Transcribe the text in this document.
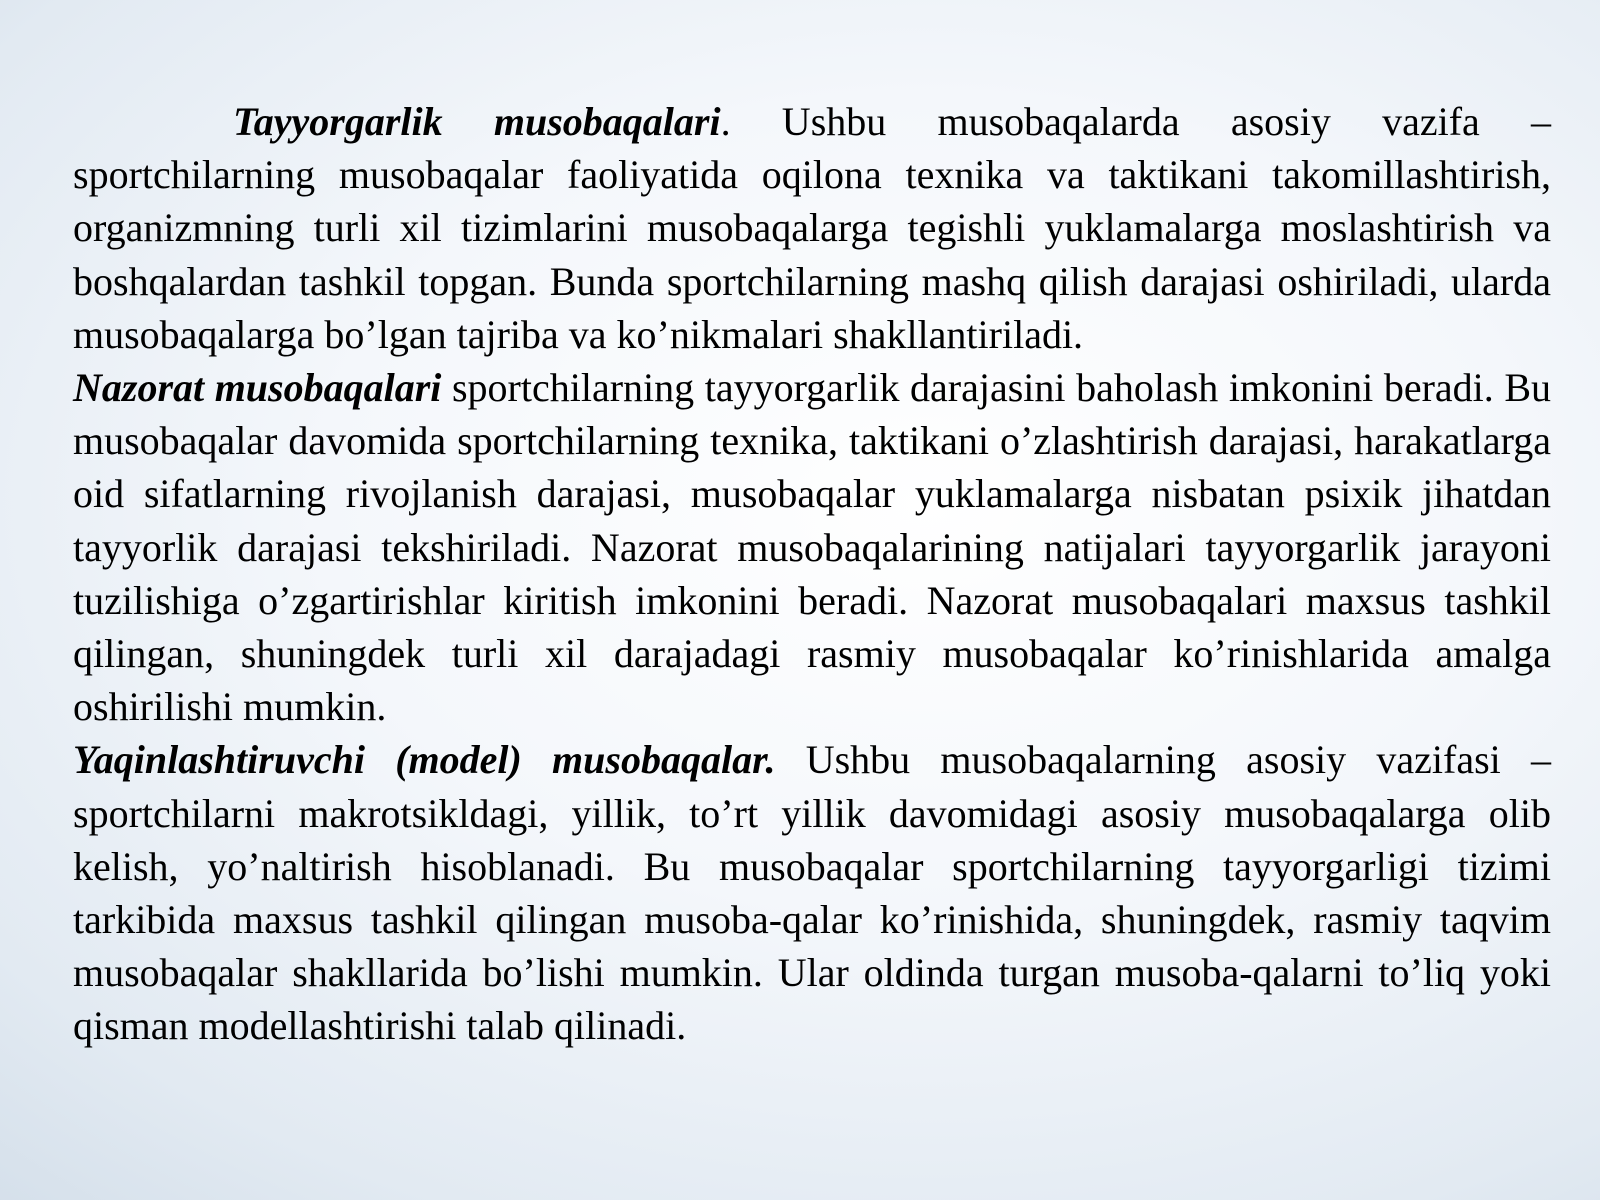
Tayyorgarlik musobaqalari. Ushbu musobaqalarda asosiy vazifa – sportchilarning musobaqalar faoliyatida oqilona texnika va taktikani takomillashtirish, organizmning turli xil tizimlarini musobaqalarga tegishli yuklamalarga moslashtirish va boshqalardan tashkil topgan. Bunda sportchilarning mashq qilish darajasi oshiriladi, ularda musobaqalarga bo’lgan tajriba va ko’nikmalari shakllantiriladi.

Nazorat musobaqalari sportchilarning tayyorgarlik darajasini baholash imkonini beradi. Bu musobaqalar davomida sportchilarning texnika, taktikani o’zlashtirish darajasi, harakatlarga oid sifatlarning rivojlanish darajasi, musobaqalar yuklamalarga nisbatan psixik jihatdan tayyorlik darajasi tekshiriladi. Nazorat musobaqalarining natijalari tayyorgarlik jarayoni tuzilishiga o’zgartirishlar kiritish imkonini beradi. Nazorat musobaqalari maxsus tashkil qilingan, shuningdek turli xil darajadagi rasmiy musobaqalar ko’rinishlarida amalga oshirilishi mumkin.

Yaqinlashtiruvchi (model) musobaqalar. Ushbu musobaqalarning asosiy vazifasi – sportchilarni makrotsikldagi, yillik, to’rt yillik davomidagi asosiy musobaqalarga olib kelish, yo’naltirish hisoblanadi. Bu musobaqalar sportchilarning tayyorgarligi tizimi tarkibida maxsus tashkil qilingan musoba-qalar ko’rinishida, shuningdek, rasmiy taqvim musobaqalar shakllarida bo’lishi mumkin. Ular oldinda turgan musoba-qalarni to’liq yoki qisman modellashtirishi talab qilinadi.
